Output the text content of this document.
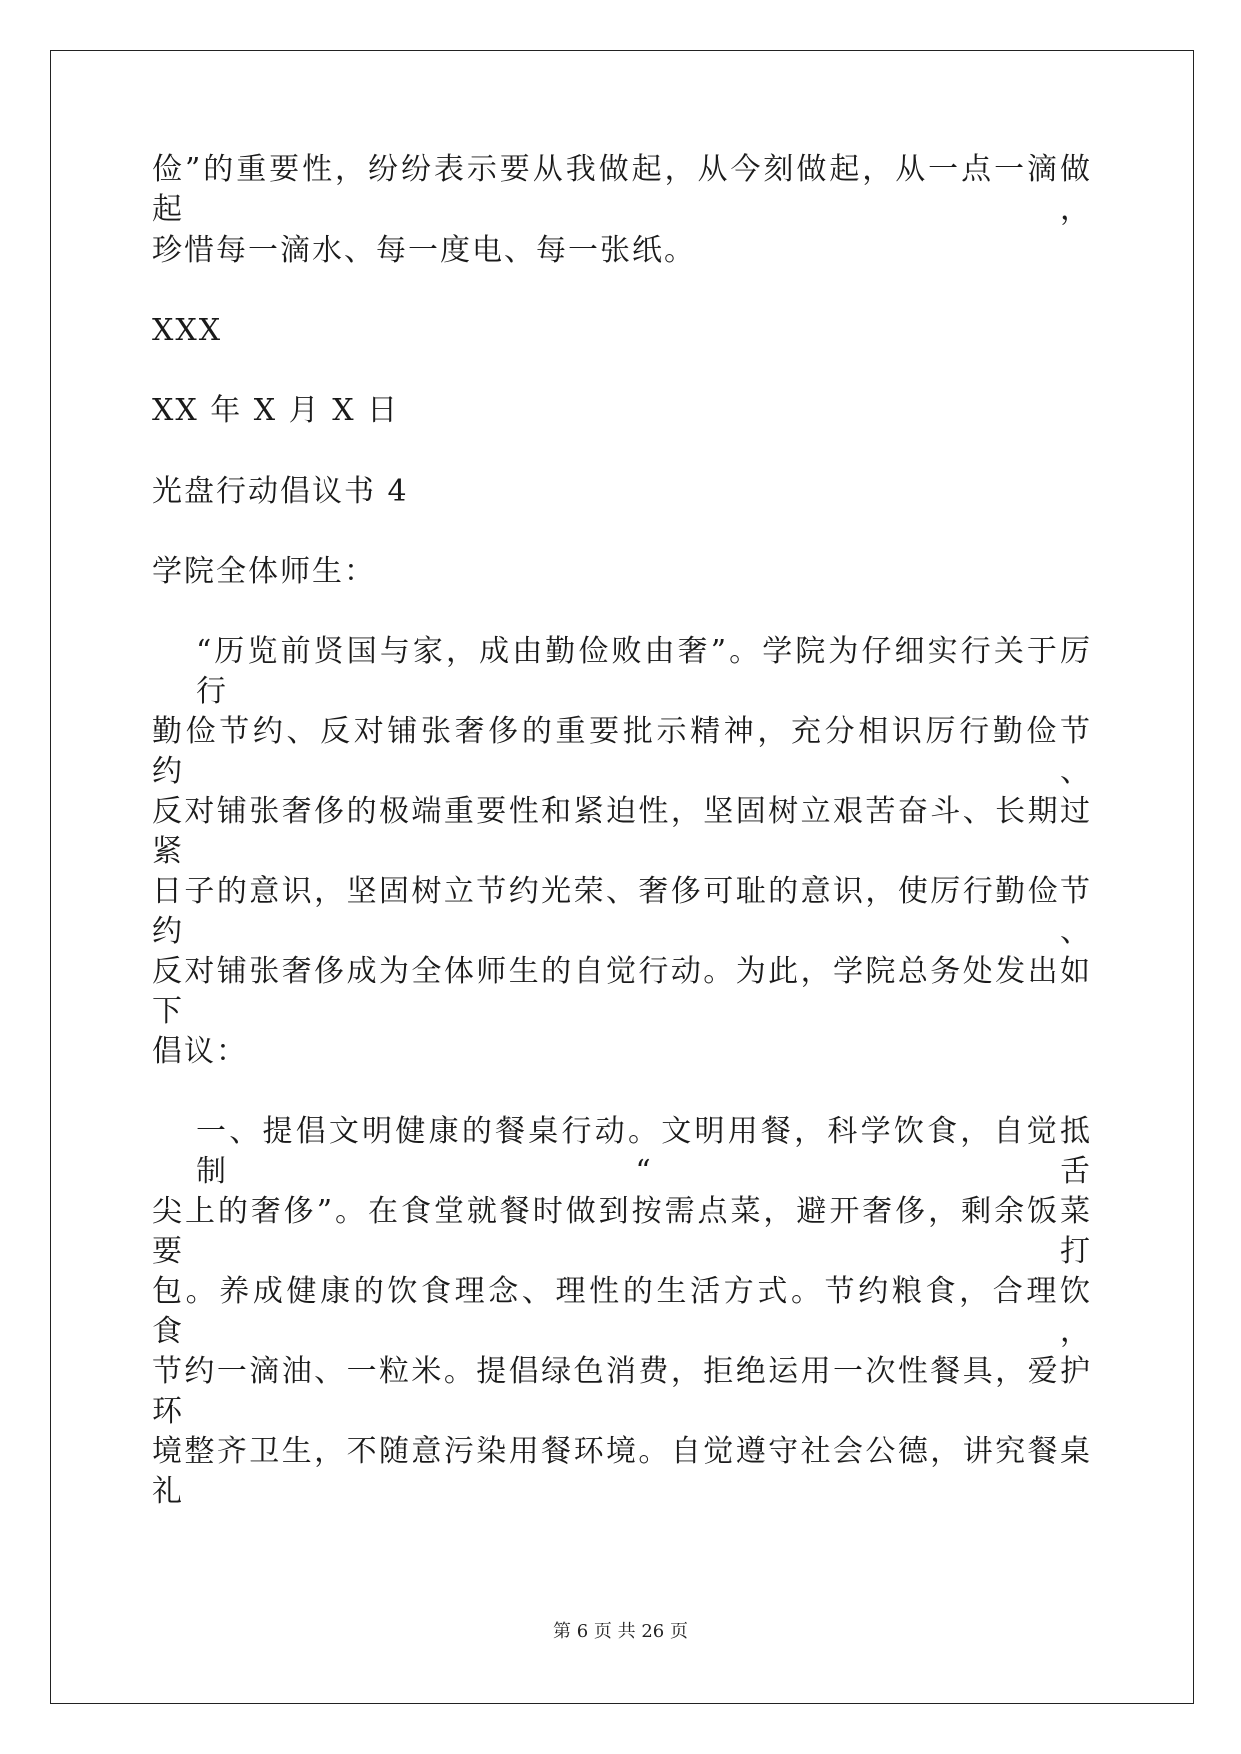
俭”的重要性，纷纷表示要从我做起，从今刻做起，从一点一滴做起，
珍惜每一滴水、每一度电、每一张纸。
XXX
XX 年 X 月 X 日
光盘行动倡议书 4
学院全体师生：
“历览前贤国与家，成由勤俭败由奢”。学院为仔细实行关于厉行
勤俭节约、反对铺张奢侈的重要批示精神，充分相识厉行勤俭节约、
反对铺张奢侈的极端重要性和紧迫性，坚固树立艰苦奋斗、长期过紧
日子的意识，坚固树立节约光荣、奢侈可耻的意识，使厉行勤俭节约、
反对铺张奢侈成为全体师生的自觉行动。为此，学院总务处发出如下
倡议：
一、提倡文明健康的餐桌行动。文明用餐，科学饮食，自觉抵制“舌
尖上的奢侈”。在食堂就餐时做到按需点菜，避开奢侈，剩余饭菜要打
包。养成健康的饮食理念、理性的生活方式。节约粮食，合理饮食，
节约一滴油、一粒米。提倡绿色消费，拒绝运用一次性餐具，爱护环
境整齐卫生，不随意污染用餐环境。自觉遵守社会公德，讲究餐桌礼
第 6 页 共 26 页
